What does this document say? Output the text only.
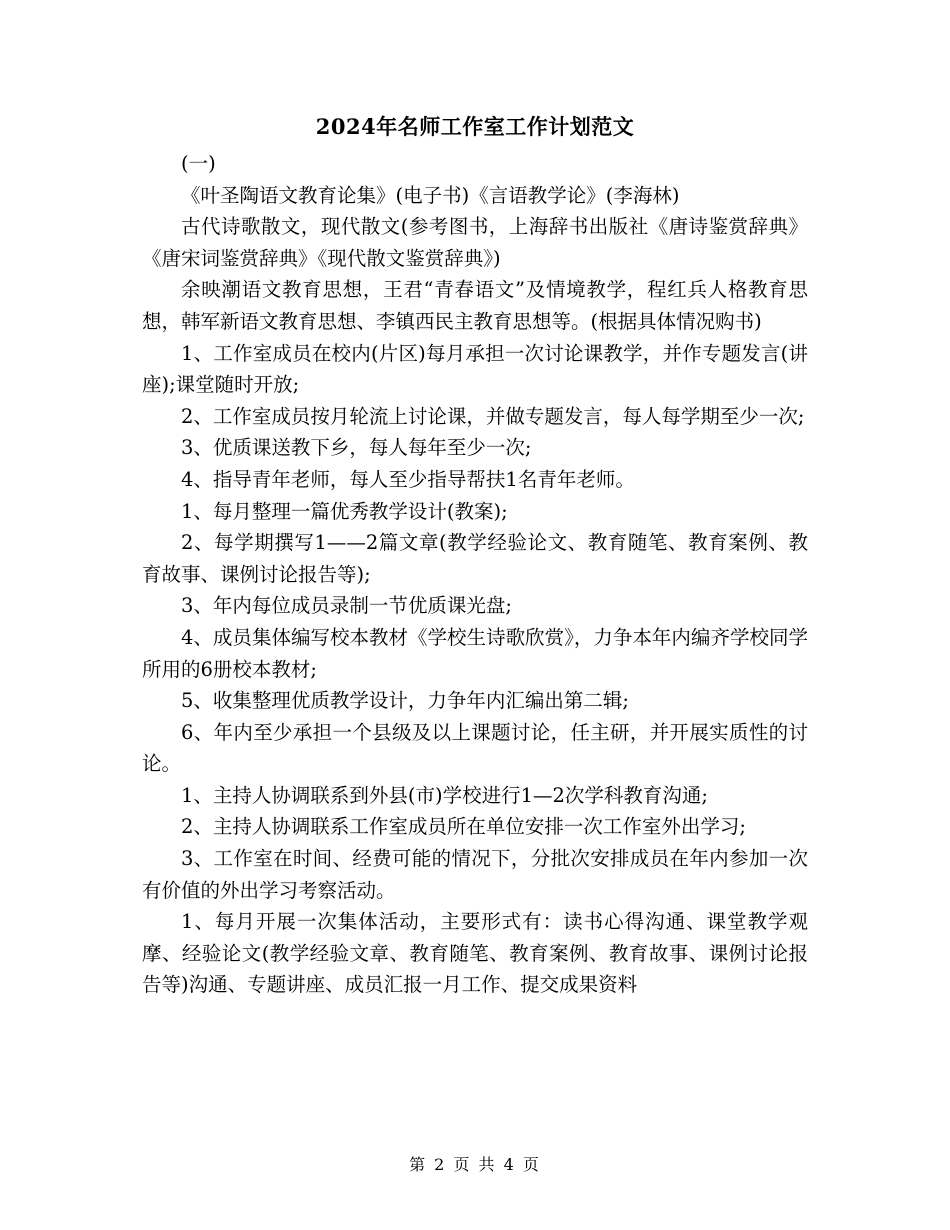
2024年名师工作室工作计划范文

(一)

《叶圣陶语文教育论集》(电子书)《言语教学论》(李海林)

古代诗歌散文，现代散文(参考图书，上海辞书出版社《唐诗鉴赏辞典》《唐宋词鉴赏辞典》《现代散文鉴赏辞典》)

余映潮语文教育思想，王君“青春语文”及情境教学，程红兵人格教育思想，韩军新语文教育思想、李镇西民主教育思想等。(根据具体情况购书)

1、工作室成员在校内(片区)每月承担一次讨论课教学，并作专题发言(讲座);课堂随时开放;

2、工作室成员按月轮流上讨论课，并做专题发言，每人每学期至少一次;

3、优质课送教下乡，每人每年至少一次;

4、指导青年老师，每人至少指导帮扶1名青年老师。

1、每月整理一篇优秀教学设计(教案);

2、每学期撰写1——2篇文章(教学经验论文、教育随笔、教育案例、教育故事、课例讨论报告等);

3、年内每位成员录制一节优质课光盘;

4、成员集体编写校本教材《学校生诗歌欣赏》，力争本年内编齐学校同学所用的6册校本教材;

5、收集整理优质教学设计，力争年内汇编出第二辑;

6、年内至少承担一个县级及以上课题讨论，任主研，并开展实质性的讨论。

1、主持人协调联系到外县(市)学校进行1—2次学科教育沟通;

2、主持人协调联系工作室成员所在单位安排一次工作室外出学习;

3、工作室在时间、经费可能的情况下，分批次安排成员在年内参加一次有价值的外出学习考察活动。

1、每月开展一次集体活动，主要形式有：读书心得沟通、课堂教学观摩、经验论文(教学经验文章、教育随笔、教育案例、教育故事、课例讨论报告等)沟通、专题讲座、成员汇报一月工作、提交成果资料

第 2 页 共 4 页
